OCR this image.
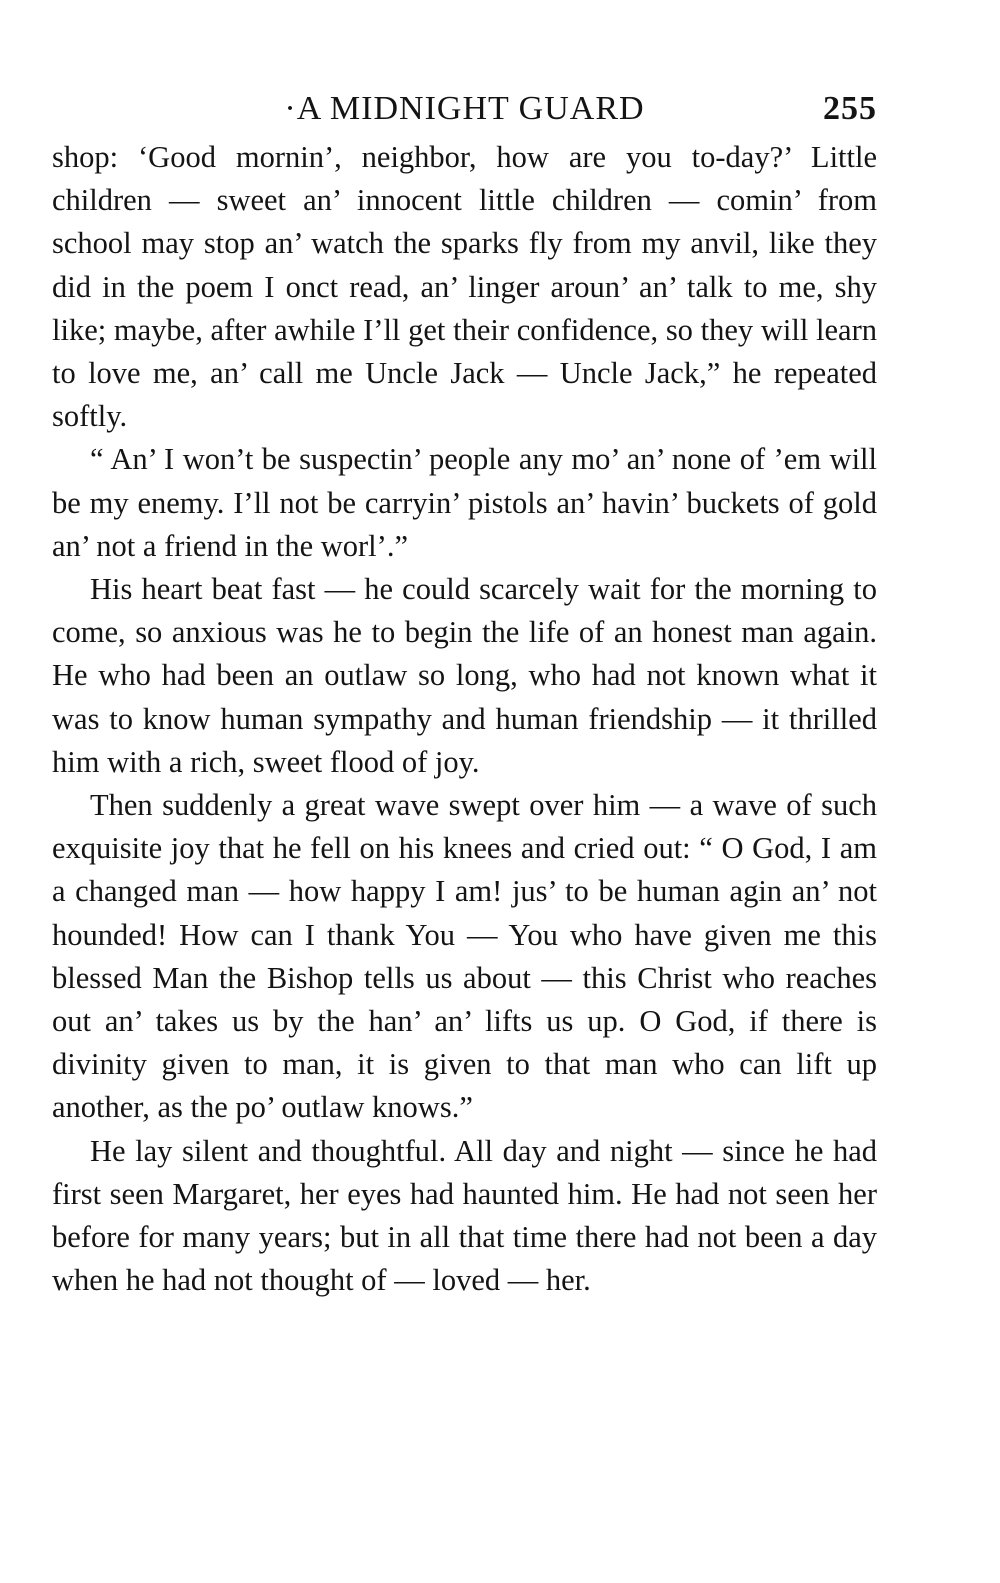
·A MIDNIGHT GUARD	255

shop: ‘Good mornin’, neighbor, how are you to-day?’ Little children — sweet an’ innocent little children — comin’ from school may stop an’ watch the sparks fly from my anvil, like they did in the poem I onct read, an’ linger aroun’ an’ talk to me, shy like; maybe, after awhile I’ll get their confidence, so they will learn to love me, an’ call me Uncle Jack — Uncle Jack,” he repeated softly.

“ An’ I won’t be suspectin’ people any mo’ an’ none of ’em will be my enemy. I’ll not be carryin’ pistols an’ havin’ buckets of gold an’ not a friend in the worl’.”

His heart beat fast — he could scarcely wait for the morning to come, so anxious was he to begin the life of an honest man again. He who had been an outlaw so long, who had not known what it was to know human sympathy and human friendship — it thrilled him with a rich, sweet flood of joy.

Then suddenly a great wave swept over him — a wave of such exquisite joy that he fell on his knees and cried out: “ O God, I am a changed man — how happy I am! jus’ to be human agin an’ not hounded! How can I thank You — You who have given me this blessed Man the Bishop tells us about — this Christ who reaches out an’ takes us by the han’ an’ lifts us up. O God, if there is divinity given to man, it is given to that man who can lift up another, as the po’ outlaw knows.”

He lay silent and thoughtful. All day and night — since he had first seen Margaret, her eyes had haunted him. He had not seen her before for many years; but in all that time there had not been a day when he had not thought of — loved — her.
